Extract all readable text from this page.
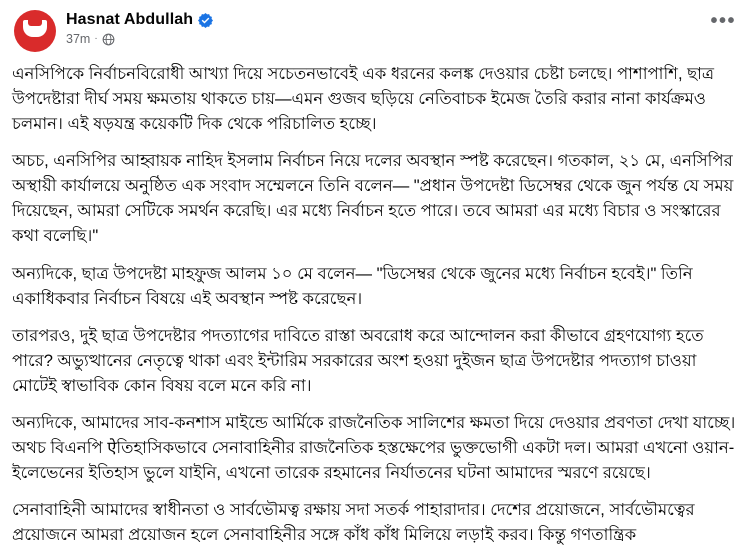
Hasnat Abdullah
37m ·
•••

এনসিপিকে নির্বাচনবিরোধী আখ্যা দিয়ে সচেতনভাবেই এক ধরনের কলঙ্ক দেওয়ার চেষ্টা চলছে। পাশাপাশি, ছাত্র উপদেষ্টারা দীর্ঘ সময় ক্ষমতায় থাকতে চায়—এমন গুজব ছড়িয়ে নেতিবাচক ইমেজ তৈরি করার নানা কার্যক্রমও চলমান। এই ষড়যন্ত্র কয়েকটি দিক থেকে পরিচালিত হচ্ছে।

অচচ, এনসিপির আহ্বায়ক নাহিদ ইসলাম নির্বাচন নিয়ে দলের অবস্থান স্পষ্ট করেছেন। গতকাল, ২১ মে, এনসিপির অস্থায়ী কার্যালয়ে অনুষ্ঠিত এক সংবাদ সম্মেলনে তিনি বলেন— "প্রধান উপদেষ্টা ডিসেম্বর থেকে জুন পর্যন্ত যে সময় দিয়েছেন, আমরা সেটিকে সমর্থন করেছি। এর মধ্যে নির্বাচন হতে পারে। তবে আমরা এর মধ্যে বিচার ও সংস্কারের কথা বলেছি।"

অন্যদিকে, ছাত্র উপদেষ্টা মাহফুজ আলম ১০ মে বলেন— "ডিসেম্বর থেকে জুনের মধ্যে নির্বাচন হবেই।" তিনি একাধিকবার নির্বাচন বিষয়ে এই অবস্থান স্পষ্ট করেছেন।

তারপরও, দুই ছাত্র উপদেষ্টার পদত্যাগের দাবিতে রাস্তা অবরোধ করে আন্দোলন করা কীভাবে গ্রহণযোগ্য হতে পারে? অভ্যুত্থানের নেতৃত্বে থাকা এবং ইন্টারিম সরকারের অংশ হওয়া দুইজন ছাত্র উপদেষ্টার পদত্যাগ চাওয়া মোটেই স্বাভাবিক কোন বিষয় বলে মনে করি না।

অন্যদিকে, আমাদের সাব-কনশাস মাইন্ডে আর্মিকে রাজনৈতিক সালিশের ক্ষমতা দিয়ে দেওয়ার প্রবণতা দেখা যাচ্ছে। অথচ বিএনপি ऐতিহাসিকভাবে সেনাবাহিনীর রাজনৈতিক হস্তক্ষেপের ভুক্তভোগী একটা দল। আমরা এখনো ওয়ান-ইলেভেনের ইতিহাস ভুলে যাইনি, এখনো তারেক রহমানের নির্যাতনের ঘটনা আমাদের স্মরণে রয়েছে।

সেনাবাহিনী আমাদের স্বাধীনতা ও সার্বভৌমত্ব রক্ষায় সদা সতর্ক পাহারাদার। দেশের প্রয়োজনে, সার্বভৌমত্বের প্রয়োজনে আমরা প্রয়োজন হলে সেনাবাহিনীর সঙ্গে কাঁধ কাঁধ মিলিয়ে লড়াই করব। কিন্তু গণতান্ত্রিক
